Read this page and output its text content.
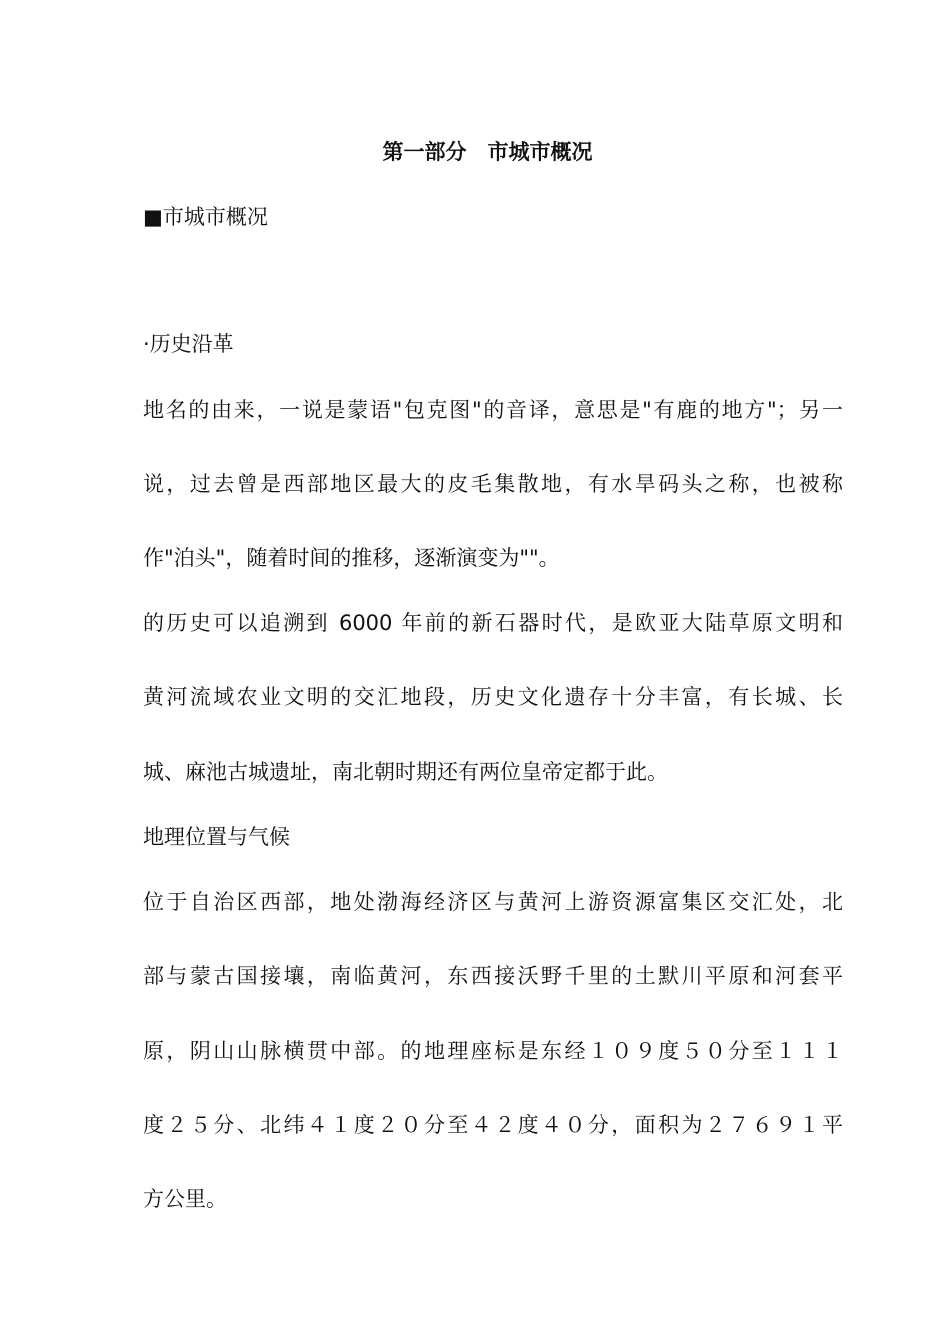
第一部分　市城市概况
■市城市概况
·历史沿革
地名的由来，一说是蒙语"包克图"的音译，意思是"有鹿的地方"；另一
说，过去曾是西部地区最大的皮毛集散地，有水旱码头之称，也被称
作"泊头"，随着时间的推移，逐渐演变为""。
的历史可以追溯到 6000 年前的新石器时代，是欧亚大陆草原文明和
黄河流域农业文明的交汇地段，历史文化遗存十分丰富，有长城、长
城、麻池古城遗址，南北朝时期还有两位皇帝定都于此。
地理位置与气候
位于自治区西部，地处渤海经济区与黄河上游资源富集区交汇处，北
部与蒙古国接壤，南临黄河，东西接沃野千里的土默川平原和河套平
原，阴山山脉横贯中部。的地理座标是东经１０９度５０分至１１１
度２５分、北纬４１度２０分至４２度４０分，面积为２７６９１平
方公里。
